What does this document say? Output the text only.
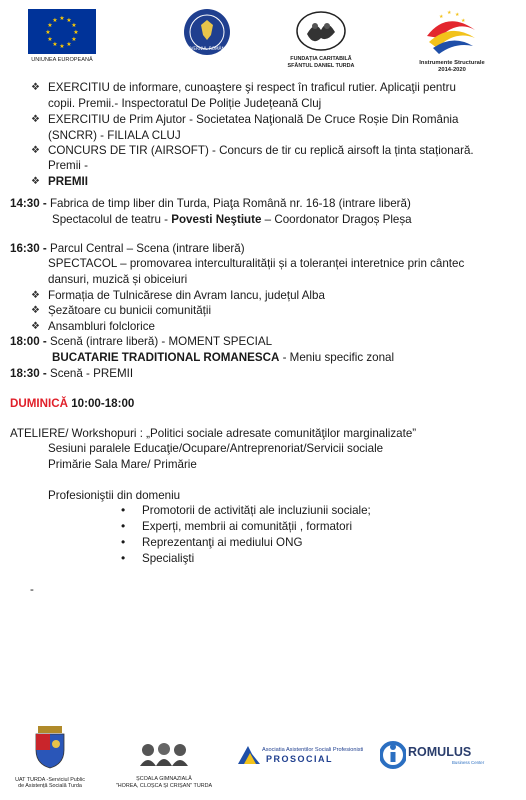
★ ★
★
★
★
★
★
★
★
★
★
★
UNIUNEA EUROPEANĂ
GUVERNUL ROMÂNIEI
FUNDAȚIA CARITABILĂ
SFÂNTUL DANIEL TURDA
★
★ ★
★
Instrumente Structurale
2014-2020
❖ EXERCITIU de informare, cunoaştere şi respect în traficul rutier. Aplicaţii pentru
copii. Premii.- Inspectoratul De Poliție Județeană Cluj
❖ EXERCITIU de Prim Ajutor - Societatea Naţională De Cruce Roșie Din România
(SNCRR) - FILIALA CLUJ
❖ CONCURS DE TIR (AIRSOFT) - Concurs de tir cu replică airsoft la ținta staționară.
Premii -
❖ PREMII
14:30 - Fabrica de timp liber din Turda, Piaţa Română nr. 16-18 (intrare liberă)
Spectacolul de teatru - Povesti Neştiute – Coordonator Dragoș Pleșa
16:30 - Parcul Central – Scena (intrare liberă)
SPECTACOL – promovarea interculturalității și a toleranței interetnice prin cântec
dansuri, muzică și obiceiuri
❖ Formația de Tulnicărese din Avram Iancu, județul Alba
❖ Șezătoare cu bunicii comunității
❖ Ansambluri folclorice
18:00 - Scenă (intrare liberă) - MOMENT SPECIAL
BUCATARIE TRADITIONAL ROMANESCA - Meniu specific zonal
18:30 - Scenă - PREMII
DUMINICĂ 10:00-18:00
ATELIERE/ Workshopuri : „Politici sociale adresate comunităţilor marginalizate”
Sesiuni paralele Educaţie/Ocupare/Antreprenoriat/Servicii sociale
Primărie Sala Mare/ Primărie
Profesioniştii din domeniu
• Promotorii de activități ale incluziunii sociale;
• Experți, membrii ai comunității , formatori
• Reprezentanţi ai mediului ONG
• Specialişti
-
UAT TURDA -Serviciul Public
de Asistență Socială Turda
ȘCOALA GIMNAZIALĂ
"HOREA, CLOȘCA ȘI CRIȘAN" TURDA
Asociatia Asistentilor Sociali Profesionisti
PROSOCIAL	ROMULUS
Business Center
